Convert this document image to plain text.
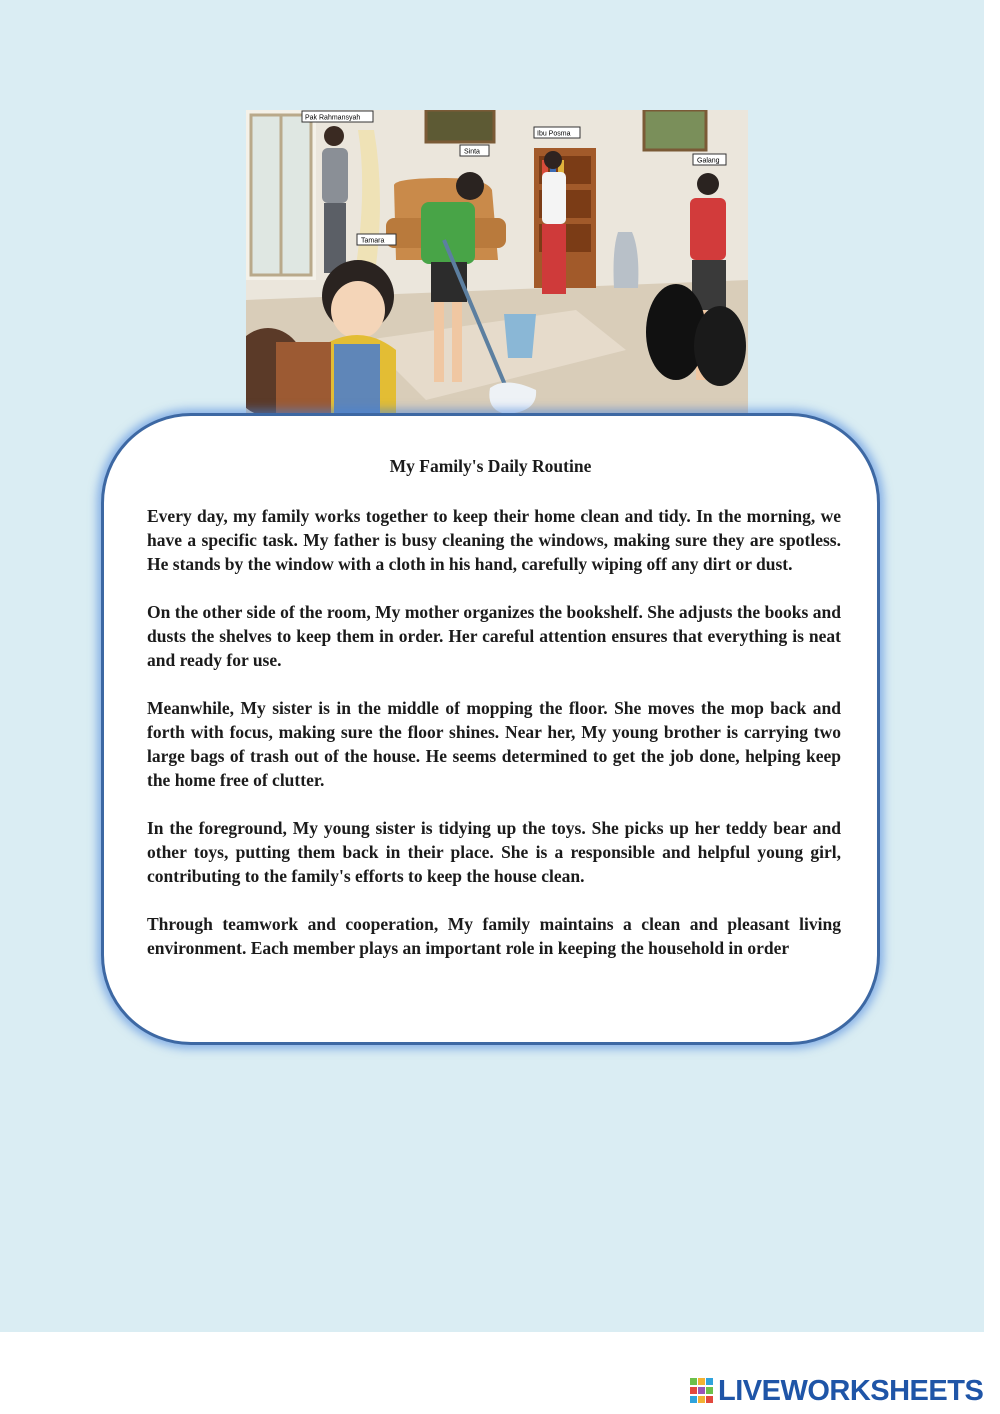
Pak Rahmansyah
Sinta
Ibu Posma
Galang
Tamara
My Family's Daily Routine

Every day, my family works together to keep their home clean and tidy. In the morning, we have a specific task. My father is busy cleaning the windows, making sure they are spotless. He stands by the window with a cloth in his hand, carefully wiping off any dirt or dust.

On the other side of the room, My mother organizes the bookshelf. She adjusts the books and dusts the shelves to keep them in order. Her careful attention ensures that everything is neat and ready for use.

Meanwhile, My sister is in the middle of mopping the floor. She moves the mop back and forth with focus, making sure the floor shines. Near her, My young brother is carrying two large bags of trash out of the house. He seems determined to get the job done, helping keep the home free of clutter.

In the foreground, My young sister is tidying up the toys. She picks up her teddy bear and other toys, putting them back in their place. She is a responsible and helpful young girl, contributing to the family's efforts to keep the house clean.

Through teamwork and cooperation, My family maintains a clean and pleasant living environment. Each member plays an important role in keeping the household in order

LIVEWORKSHEETS
